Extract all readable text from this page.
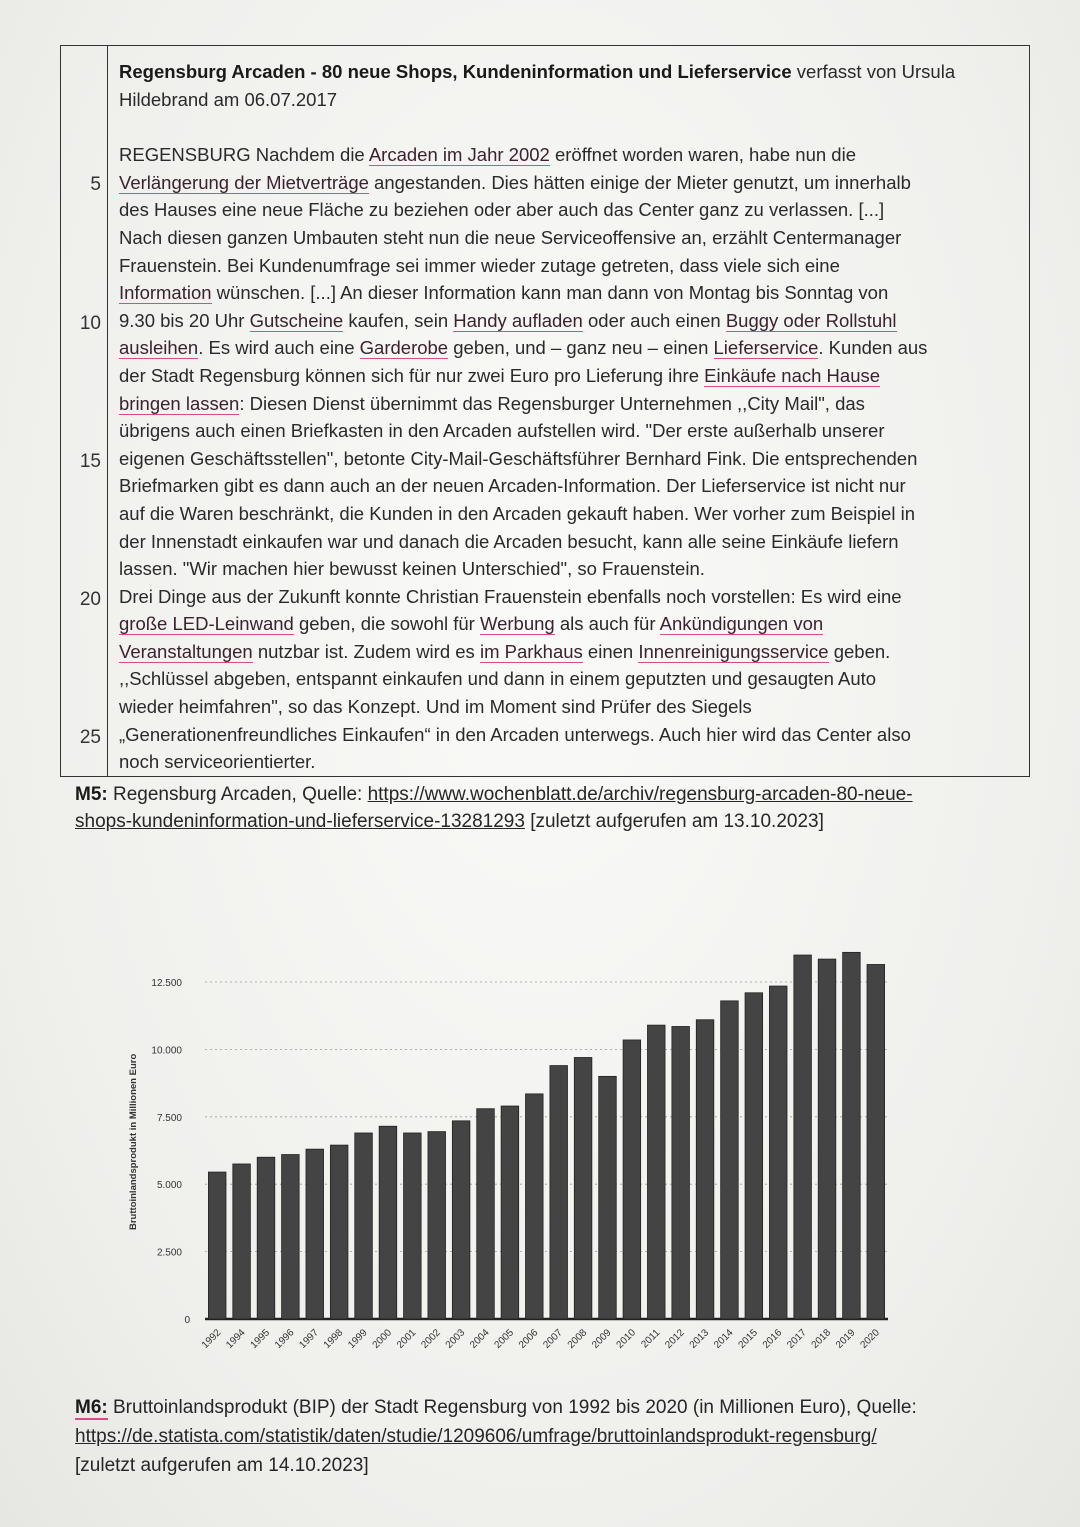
5
10
15
20
25
Regensburg Arcaden - 80 neue Shops, Kundeninformation und Lieferservice verfasst von Ursula
Hildebrand am 06.07.2017
REGENSBURG Nachdem die Arcaden im Jahr 2002 eröffnet worden waren, habe nun die
Verlängerung der Mietverträge angestanden. Dies hätten einige der Mieter genutzt, um innerhalb
des Hauses eine neue Fläche zu beziehen oder aber auch das Center ganz zu verlassen. [...]
Nach diesen ganzen Umbauten steht nun die neue Serviceoffensive an, erzählt Centermanager
Frauenstein. Bei Kundenumfrage sei immer wieder zutage getreten, dass viele sich eine
Information wünschen. [...] An dieser Information kann man dann von Montag bis Sonntag von
9.30 bis 20 Uhr Gutscheine kaufen, sein Handy aufladen oder auch einen Buggy oder Rollstuhl
ausleihen. Es wird auch eine Garderobe geben, und – ganz neu – einen Lieferservice. Kunden aus
der Stadt Regensburg können sich für nur zwei Euro pro Lieferung ihre Einkäufe nach Hause
bringen lassen: Diesen Dienst übernimmt das Regensburger Unternehmen ,,City Mail", das
übrigens auch einen Briefkasten in den Arcaden aufstellen wird. "Der erste außerhalb unserer
eigenen Geschäftsstellen", betonte City-Mail-Geschäftsführer Bernhard Fink. Die entsprechenden
Briefmarken gibt es dann auch an der neuen Arcaden-Information. Der Lieferservice ist nicht nur
auf die Waren beschränkt, die Kunden in den Arcaden gekauft haben. Wer vorher zum Beispiel in
der Innenstadt einkaufen war und danach die Arcaden besucht, kann alle seine Einkäufe liefern
lassen. "Wir machen hier bewusst keinen Unterschied", so Frauenstein.
Drei Dinge aus der Zukunft konnte Christian Frauenstein ebenfalls noch vorstellen: Es wird eine
große LED-Leinwand geben, die sowohl für Werbung als auch für Ankündigungen von
Veranstaltungen nutzbar ist. Zudem wird es im Parkhaus einen Innenreinigungsservice geben.
,,Schlüssel abgeben, entspannt einkaufen und dann in einem geputzten und gesaugten Auto
wieder heimfahren", so das Konzept. Und im Moment sind Prüfer des Siegels
„Generationenfreundliches Einkaufen“ in den Arcaden unterwegs. Auch hier wird das Center also
noch serviceorientierter.
M5: Regensburg Arcaden, Quelle: https://www.wochenblatt.de/archiv/regensburg-arcaden-80-neue-
shops-kundeninformation-und-lieferservice-13281293 [zuletzt aufgerufen am 13.10.2023]
Bruttoinlandsprodukt in Millionen Euro
0
2.500
5.000
7.500
10.000
12.500
1992 1994 1995 1996 1997 1998 1999 2000 2001 2002 2003 2004 2005 2006 2007 2008 2009 2010 2011 2012 2013 2014 2015 2016 2017 2018 2019 2020
M6: Bruttoinlandsprodukt (BIP) der Stadt Regensburg von 1992 bis 2020 (in Millionen Euro), Quelle:
https://de.statista.com/statistik/daten/studie/1209606/umfrage/bruttoinlandsprodukt-regensburg/
[zuletzt aufgerufen am 14.10.2023]
